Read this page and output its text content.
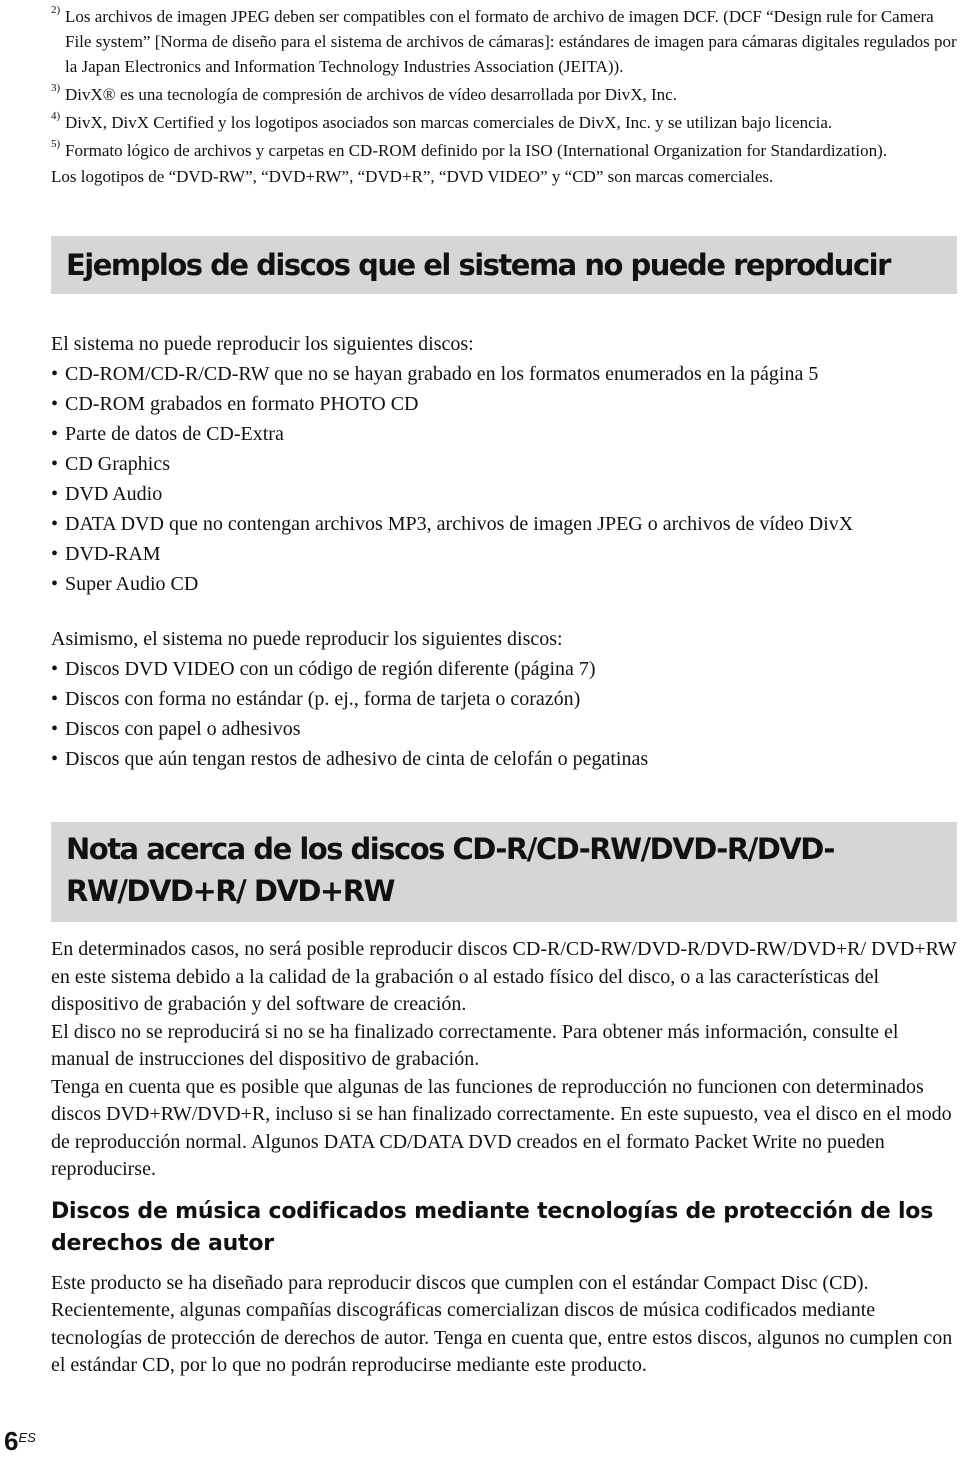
2) Los archivos de imagen JPEG deben ser compatibles con el formato de archivo de imagen DCF. (DCF “Design rule for Camera File system” [Norma de diseño para el sistema de archivos de cámaras]: estándares de imagen para cámaras digitales regulados por la Japan Electronics and Information Technology Industries Association (JEITA)).
3) DivX® es una tecnología de compresión de archivos de vídeo desarrollada por DivX, Inc.
4) DivX, DivX Certified y los logotipos asociados son marcas comerciales de DivX, Inc. y se utilizan bajo licencia.
5) Formato lógico de archivos y carpetas en CD-ROM definido por la ISO (International Organization for Standardization).
Los logotipos de “DVD-RW”, “DVD+RW”, “DVD+R”, “DVD VIDEO” y “CD” son marcas comerciales.
Ejemplos de discos que el sistema no puede reproducir
El sistema no puede reproducir los siguientes discos:
• CD-ROM/CD-R/CD-RW que no se hayan grabado en los formatos enumerados en la página 5
• CD-ROM grabados en formato PHOTO CD
• Parte de datos de CD-Extra
• CD Graphics
• DVD Audio
• DATA DVD que no contengan archivos MP3, archivos de imagen JPEG o archivos de vídeo DivX
• DVD-RAM
• Super Audio CD
Asimismo, el sistema no puede reproducir los siguientes discos:
• Discos DVD VIDEO con un código de región diferente (página 7)
• Discos con forma no estándar (p. ej., forma de tarjeta o corazón)
• Discos con papel o adhesivos
• Discos que aún tengan restos de adhesivo de cinta de celofán o pegatinas
Nota acerca de los discos CD-R/CD-RW/DVD-R/DVD-RW/DVD+R/ DVD+RW
En determinados casos, no será posible reproducir discos CD-R/CD-RW/DVD-R/DVD-RW/DVD+R/ DVD+RW en este sistema debido a la calidad de la grabación o al estado físico del disco, o a las características del dispositivo de grabación y del software de creación.
El disco no se reproducirá si no se ha finalizado correctamente. Para obtener más información, consulte el manual de instrucciones del dispositivo de grabación.
Tenga en cuenta que es posible que algunas de las funciones de reproducción no funcionen con determinados discos DVD+RW/DVD+R, incluso si se han finalizado correctamente. En este supuesto, vea el disco en el modo de reproducción normal. Algunos DATA CD/DATA DVD creados en el formato Packet Write no pueden reproducirse.
Discos de música codificados mediante tecnologías de protección de los derechos de autor
Este producto se ha diseñado para reproducir discos que cumplen con el estándar Compact Disc (CD). Recientemente, algunas compañías discográficas comercializan discos de música codificados mediante tecnologías de protección de derechos de autor. Tenga en cuenta que, entre estos discos, algunos no cumplen con el estándar CD, por lo que no podrán reproducirse mediante este producto.
$6^{ES}$
